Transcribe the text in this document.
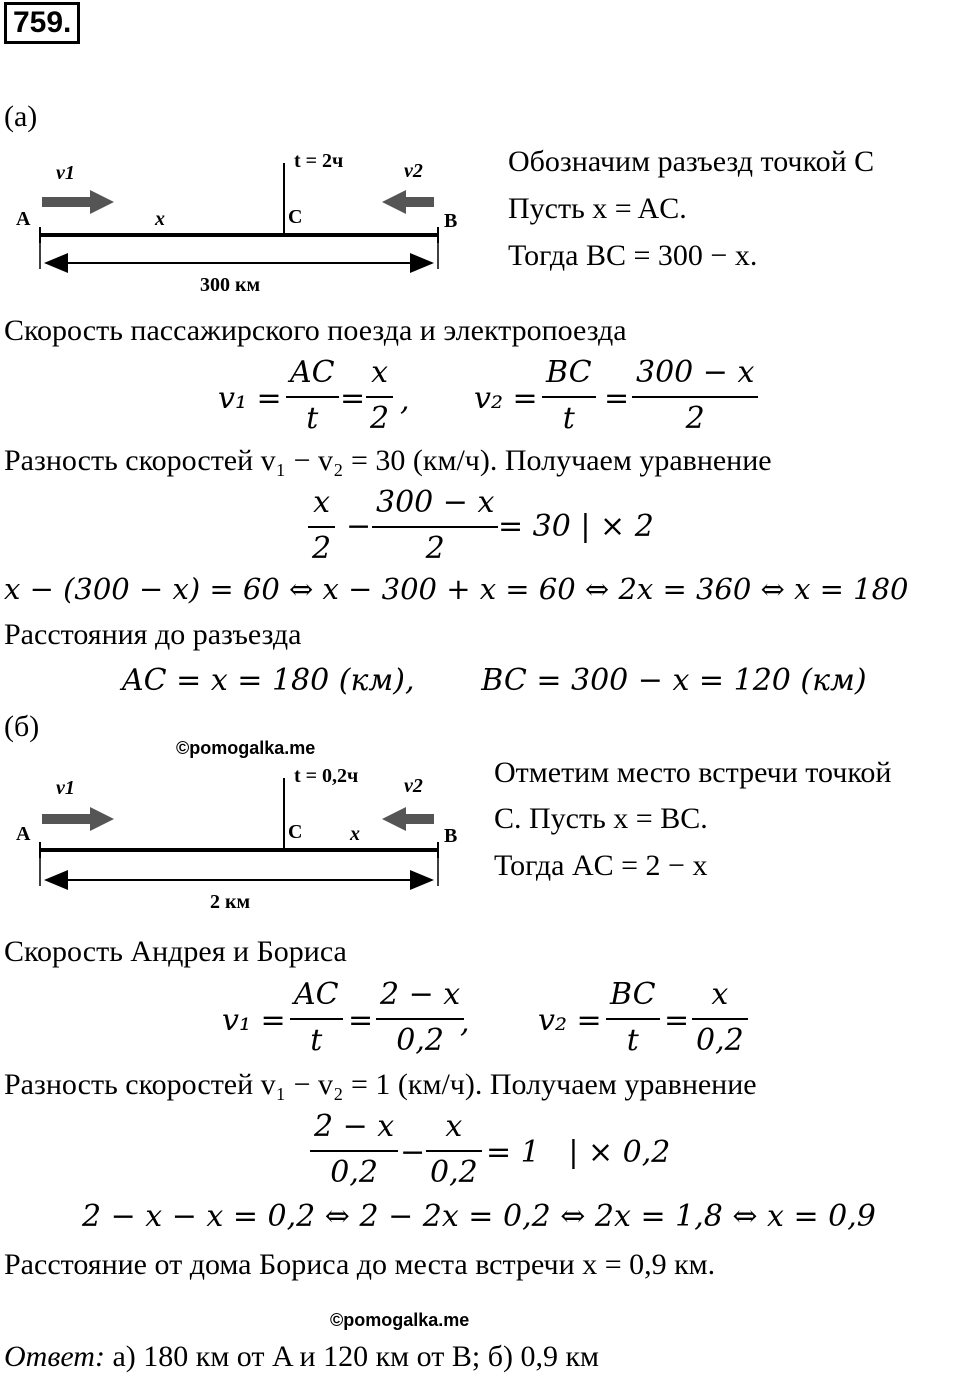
759.
(а)
v1	v2
t = 2ч
A	B
C
x
300 км
Обозначим разъезд точкой C
Пусть x = AC.
Тогда BC = 300 − x.
Скорость пассажирского поезда и электропоезда
v₁ =
AC
t
=
x
2
, v₂ =
BC
t
=
300 − x
2
Разность скоростей v₁ − v₂ = 30 (км/ч). Получаем уравнение
x
2
−
300 − x
2
= 30 | × 2
x − (300 − x) = 60 ⇔ x − 300 + x = 60 ⇔ 2x = 360 ⇔ x = 180
Расстояния до разъезда
AC = x = 180 (км),       BC = 300 − x = 120 (км)
(б)
©pomogalka.me
v1	v2
t = 0,2ч
A	B
C x
2 км
Отметим место встречи точкой
C. Пусть x = BC.
Тогда AC = 2 − x
Скорость Андрея и Бориса
v₁ =
AC
t
=
2 − x
0,2
, v₂ =
BC
t
=
x
0,2
Разность скоростей v₁ − v₂ = 1 (км/ч). Получаем уравнение
2 − x
0,2
−
x
0,2
= 1   | × 0,2
2 − x − x = 0,2 ⇔ 2 − 2x = 0,2 ⇔ 2x = 1,8 ⇔ x = 0,9
Расстояние от дома Бориса до места встречи x = 0,9 км.
©pomogalka.me
Ответ: а) 180 км от A и 120 км от B; б) 0,9 км
